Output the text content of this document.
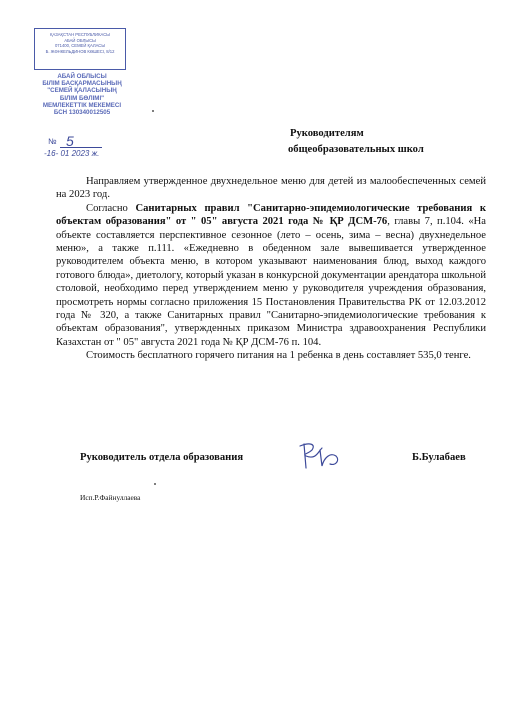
ҚАЗАҚСТАН РЕСПУБЛИКАСЫ
АБАЙ ОБЛЫСЫ
071400, СЕМЕЙ ҚАЛАСЫ
Б. ЖӘНКЕЛЬДИНОВ КӨШЕСІ, 8/12
АБАЙ ОБЛЫСЫ
БІЛІМ БАСҚАРМАСЫНЫҢ
"СЕМЕЙ ҚАЛАСЫНЫҢ
БІЛІМ БӨЛІМІ"
МЕМЛЕКЕТТІК МЕКЕМЕСІ
БСН 130340012505
№ 5
-16- 01 2023 ж.
Руководителям
общеобразовательных школ

Направляем утвержденное двухнедельное меню для детей из малообеспеченных семей на 2023 год.

Согласно Санитарных правил "Санитарно-эпидемиологические требования к объектам образования" от " 05" августа 2021 года № ҚР ДСМ-76, главы 7, п.104. «На объекте составляется перспективное сезонное (лето – осень, зима – весна) двухнедельное меню», а также п.111. «Ежедневно в обеденном зале вывешивается утвержденное руководителем объекта меню, в котором указывают наименования блюд, выход каждого готового блюда», диетологу, который указан в конкурсной документации арендатора школьной столовой, необходимо перед утверждением меню у руководителя учреждения образования, просмотреть нормы согласно приложения 15 Постановления Правительства РК от 12.03.2012 года № 320, а также Санитарных правил "Санитарно-эпидемиологические требования к объектам образования", утвержденных приказом Министра здравоохранения Республики Казахстан от " 05" августа 2021 года № ҚР ДСМ-76 п. 104.

Стоимость бесплатного горячего питания на 1 ребенка в день составляет 535,0 тенге.

Руководитель отдела образования	Б.Булабаев
Исп.Р.Файнуллаева
